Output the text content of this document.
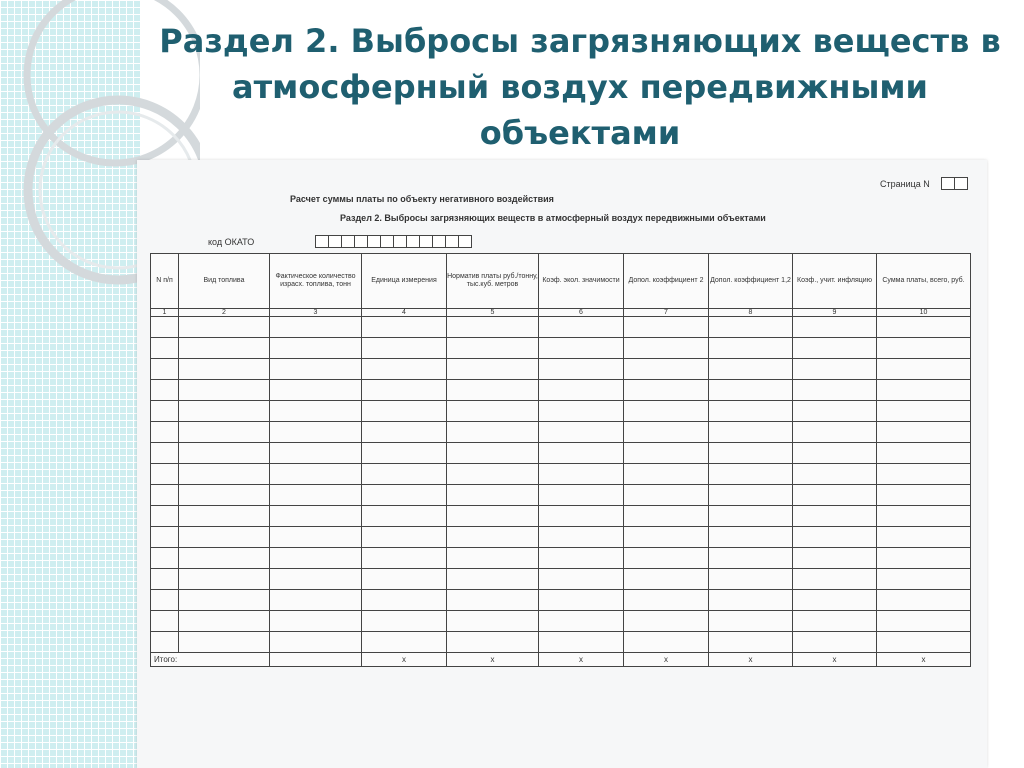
Раздел 2. Выбросы загрязняющих веществ в
атмосферный воздух передвижными
объектами
Страница N
Расчет суммы платы по объекту негативного воздействия
Раздел 2. Выбросы загрязняющих веществ в атмосферный воздух передвижными объектами
код ОКАТО
N п/п	Вид топлива	Фактическое количество израсх. топлива, тонн	Единица измерения	Норматив платы руб./тонну, тыс.куб. метров	Коэф. экол. значимости	Допол. коэффициент 2	Допол. коэффициент 1,2	Коэф., учит. инфляцию	Сумма платы, всего, руб.	
1	2	3	4	5	6	7	8	9	10	

Итого:			x	x	x	x	x	x	x	
